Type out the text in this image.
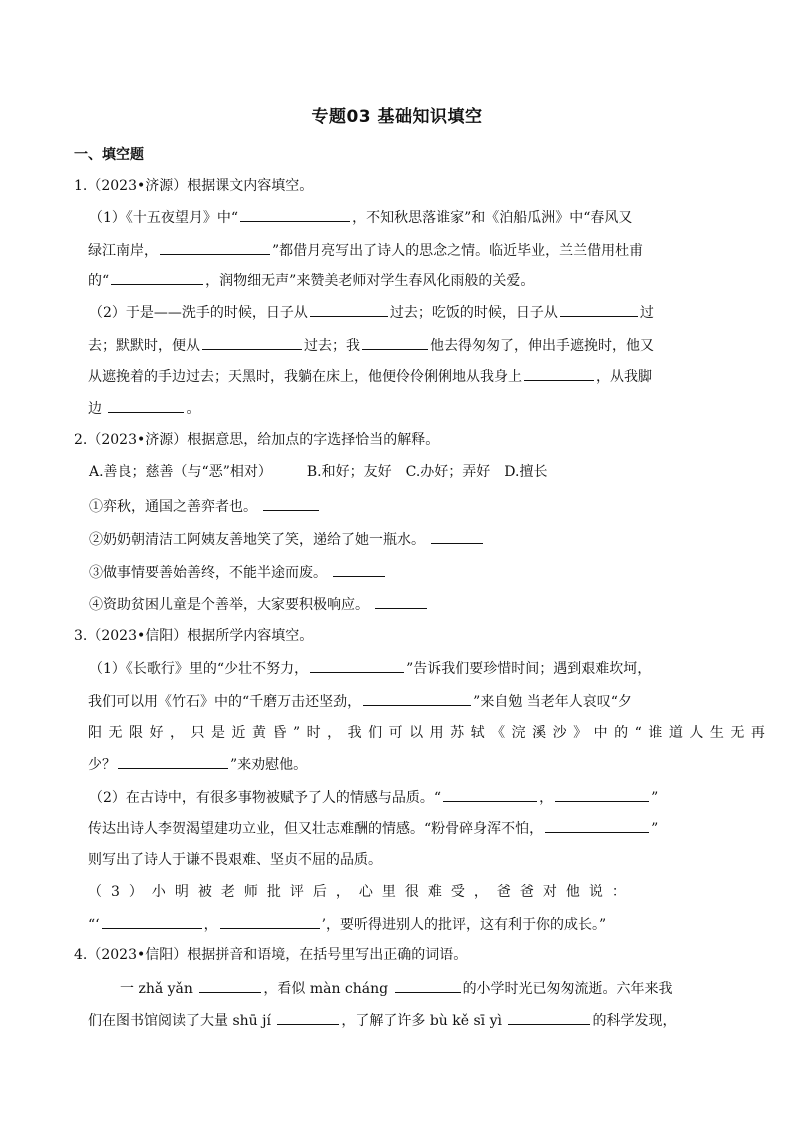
专题03 基础知识填空
一、填空题
1.（2023•济源）根据课文内容填空。
（1）《十五夜望月》中“	，不知秋思落谁家”和《泊船瓜洲》中“春风又
绿江南岸，	”都借月亮写出了诗人的思念之情。临近毕业，兰兰借用杜甫
的“	，润物细无声”来赞美老师对学生春风化雨般的关爱。
（2）于是——洗手的时候，日子从	过去；吃饭的时候，日子从	过
去；默默时，便从	过去；我	他去得匆匆了，伸出手遮挽时，他又
从遮挽着的手边过去；天黑时，我躺在床上，他便伶伶俐俐地从我身上	，从我脚
边	。
2.（2023•济源）根据意思，给加点的字选择恰当的解释。
A.善良；慈善（与“恶”相对）　　　B.和好；友好　C.办好；弄好　D.擅长
①弈秋，通国之善弈者也。
②奶奶朝清洁工阿姨友善地笑了笑，递给了她一瓶水。
③做事情要善始善终，不能半途而废。
④资助贫困儿童是个善举，大家要积极响应。
3.（2023•信阳）根据所学内容填空。
（1）《长歌行》里的“少壮不努力，	”告诉我们要珍惜时间；遇到艰难坎坷，
我们可以用《竹石》中的“千磨万击还坚劲，	”来自勉 当老年人哀叹“夕
阳无限好，只是近黄昏”时，我们可以用苏轼《浣溪沙》中的“谁道人生无再
少？	”来劝慰他。
（2）在古诗中，有很多事物被赋予了人的情感与品质。“	，	”
传达出诗人李贺渴望建功立业，但又壮志难酬的情感。“粉骨碎身浑不怕，	”
则写出了诗人于谦不畏艰难、坚贞不屈的品质。
（3）小明被老师批评后，心里很难受，爸爸对他说：
“‘	，	’，要听得进别人的批评，这有利于你的成长。”
4.（2023•信阳）根据拼音和语境，在括号里写出正确的词语。
一 zhǎ yǎn	，看似 màn cháng	的小学时光已匆匆流逝。六年来我
们在图书馆阅读了大量 shū jí	，了解了许多 bù kě sī yì	的科学发现，
